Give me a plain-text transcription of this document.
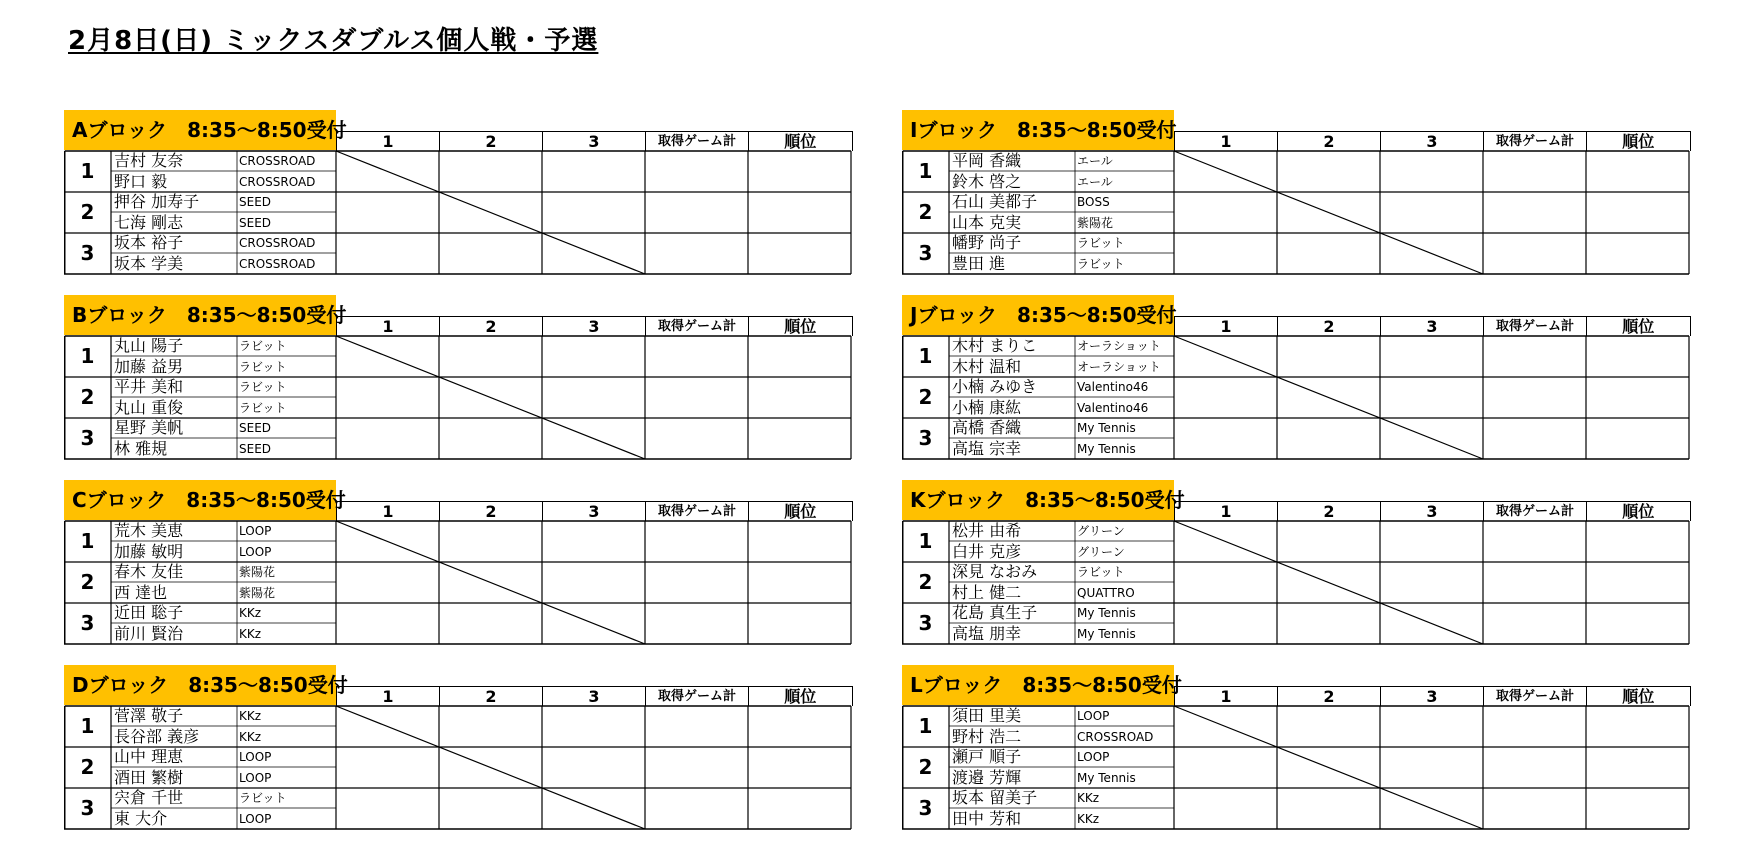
2月8日(日) ミックスダブルス個人戦・予選
Aブロック　8:35～8:50受付	1	2	3	取得ゲーム計	順位
1	吉村 友奈	CROSSROAD
野口 毅	CROSSROAD
2	押谷 加寿子	SEED
七海 剛志	SEED
3	坂本 裕子	CROSSROAD
坂本 学美	CROSSROAD
Bブロック　8:35～8:50受付	1	2	3	取得ゲーム計	順位
1	丸山 陽子	ラビット
加藤 益男	ラビット
2	平井 美和	ラビット
丸山 重俊	ラビット
3	星野 美帆	SEED
林 雅規	SEED
Cブロック　8:35～8:50受付	1	2	3	取得ゲーム計	順位
1	荒木 美恵	LOOP
加藤 敏明	LOOP
2	春木 友佳	紫陽花
西 達也	紫陽花
3	近田 聡子	KKz
前川 賢治	KKz
Dブロック　8:35～8:50受付	1	2	3	取得ゲーム計	順位
1	菅澤 敬子	KKz
長谷部 義彦	KKz
2	山中 理恵	LOOP
酒田 繁樹	LOOP
3	宍倉 千世	ラビット
東 大介	LOOP
Iブロック　8:35～8:50受付	1	2	3	取得ゲーム計	順位
1	平岡 香織	エール
鈴木 啓之	エール
2	石山 美都子	BOSS
山本 克実	紫陽花
3	幡野 尚子	ラビット
豊田 進	ラビット
Jブロック　8:35～8:50受付	1	2	3	取得ゲーム計	順位
1	木村 まりこ	オーラショット
木村 温和	オーラショット
2	小楠 みゆき	Valentino46
小楠 康紘	Valentino46
3	高橋 香織	My Tennis
高塩 宗幸	My Tennis
Kブロック　8:35～8:50受付	1	2	3	取得ゲーム計	順位
1	松井 由希	グリーン
白井 克彦	グリーン
2	深見 なおみ	ラビット
村上 健二	QUATTRO
3	花島 真生子	My Tennis
高塩 朋幸	My Tennis
Lブロック　8:35～8:50受付	1	2	3	取得ゲーム計	順位
1	須田 里美	LOOP
野村 浩二	CROSSROAD
2	瀬戸 順子	LOOP
渡邉 芳輝	My Tennis
3	坂本 留美子	KKz
田中 芳和	KKz
